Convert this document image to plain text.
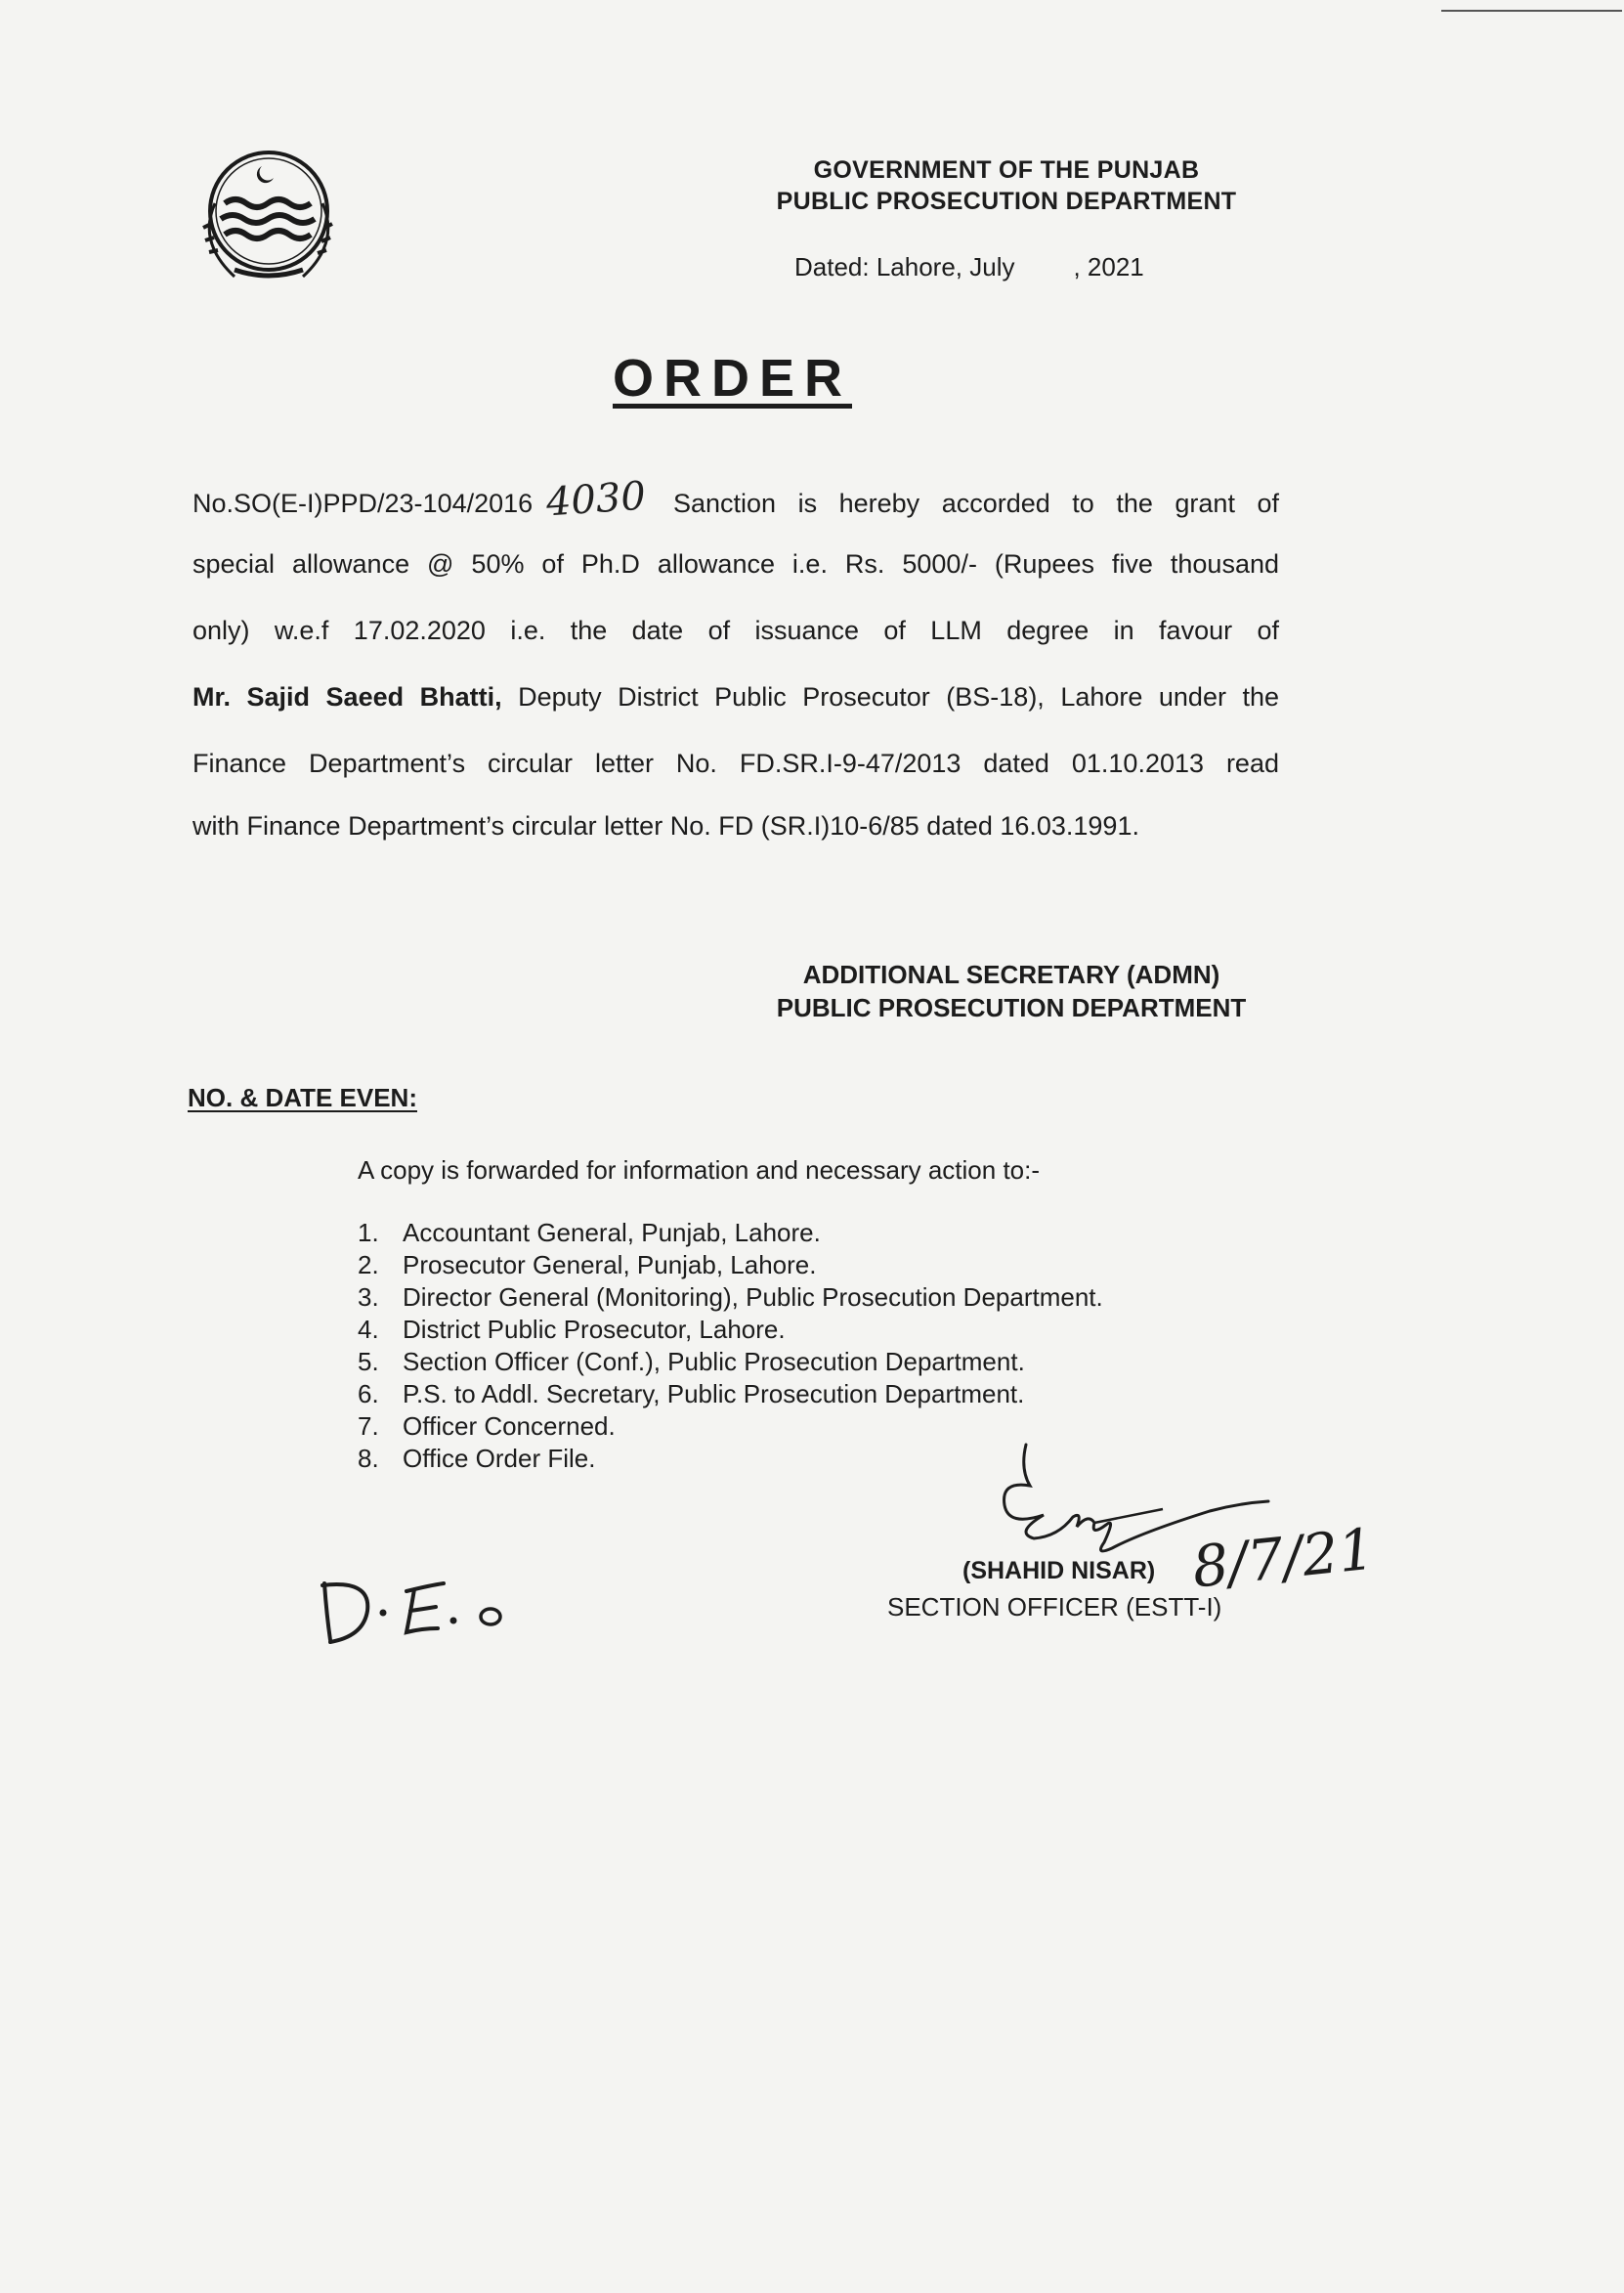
GOVERNMENT OF THE PUNJAB
PUBLIC PROSECUTION DEPARTMENT
Dated: Lahore, July , 2021
ORDER
No.SO(E-I)PPD/23-104/2016 4030 Sanction is hereby accorded to the grant of
special allowance @ 50% of Ph.D allowance i.e. Rs. 5000/- (Rupees five thousand
only) w.e.f 17.02.2020 i.e. the date of issuance of LLM degree in favour of
Mr. Sajid Saeed Bhatti, Deputy District Public Prosecutor (BS-18), Lahore under the
Finance Department’s circular letter No. FD.SR.I-9-47/2013 dated 01.10.2013 read
with Finance Department’s circular letter No. FD (SR.I)10-6/85 dated 16.03.1991.
ADDITIONAL SECRETARY (ADMN)
PUBLIC PROSECUTION DEPARTMENT
NO. & DATE EVEN:
A copy is forwarded for information and necessary action to:-
1. Accountant General, Punjab, Lahore.
2. Prosecutor General, Punjab, Lahore.
3. Director General (Monitoring), Public Prosecution Department.
4. District Public Prosecutor, Lahore.
5. Section Officer (Conf.), Public Prosecution Department.
6. P.S. to Addl. Secretary, Public Prosecution Department.
7. Officer Concerned.
8. Office Order File.
8/7/21
(SHAHID NISAR)
SECTION OFFICER (ESTT-I)
